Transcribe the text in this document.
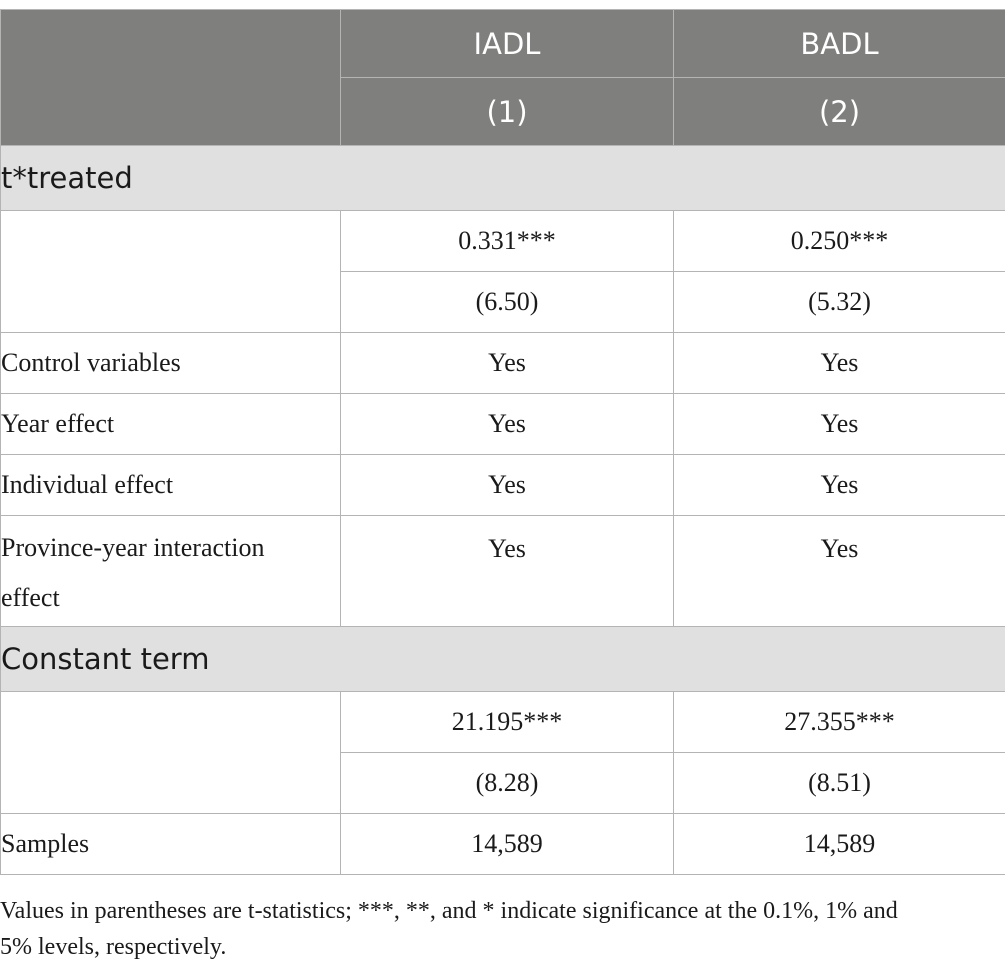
	IADL	BADL
	(1)	(2)
t*treated		
	0.331***	0.250***
	(6.50)	(5.32)
Control variables	Yes	Yes
Year effect	Yes	Yes
Individual effect	Yes	Yes
Province-year interaction
effect	Yes	Yes
Constant term		
	21.195***	27.355***
	(8.28)	(8.51)
Samples	14,589	14,589
Values in parentheses are t-statistics; ***, **, and * indicate significance at the 0.1%, 1% and
5% levels, respectively.
